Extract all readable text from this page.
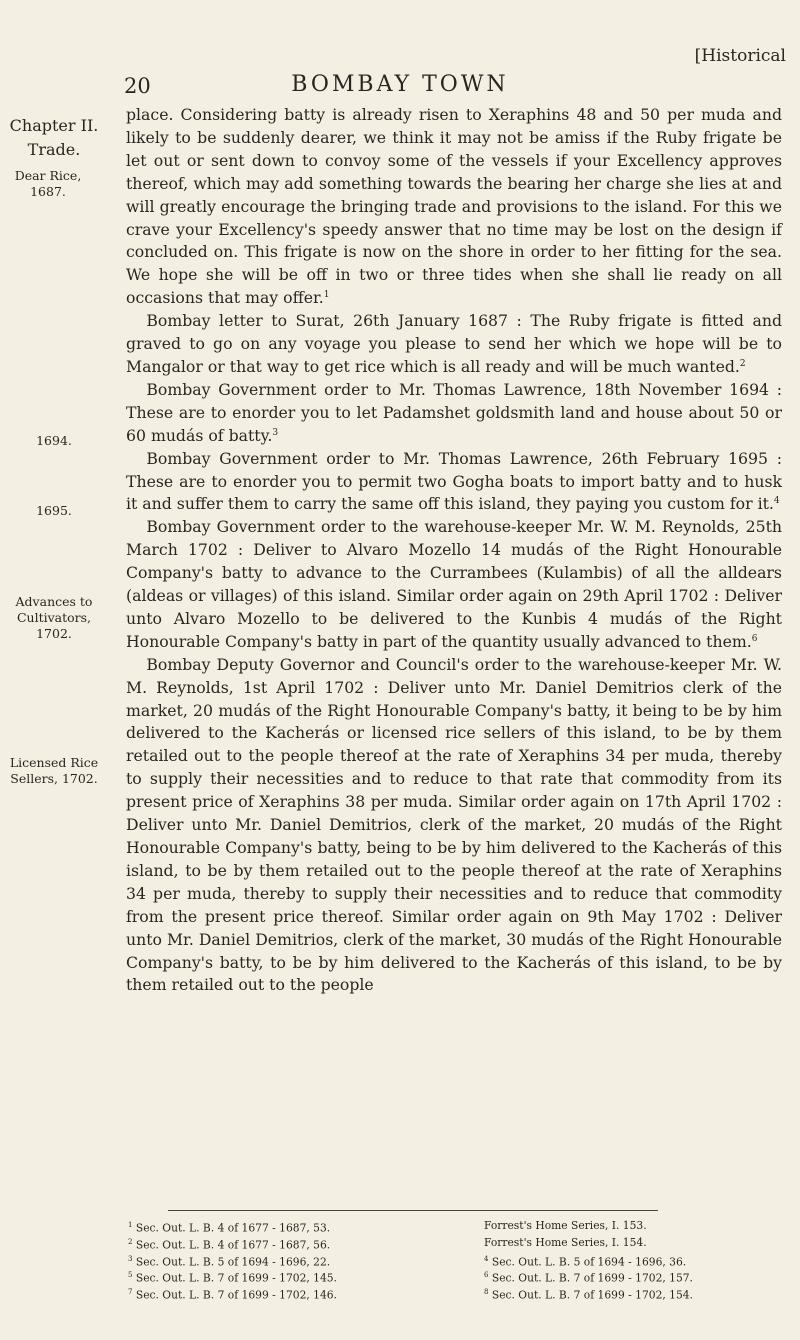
[Historical
20	BOMBAY TOWN
Chapter II.
Trade.
Dear Rice, 1687.
1694.
1695.
Advances to Cultivators, 1702.
Licensed Rice Sellers, 1702.

place. Considering batty is already risen to Xeraphins 48 and 50 per muda and likely to be suddenly dearer, we think it may not be amiss if the Ruby frigate be let out or sent down to convoy some of the vessels if your Excellency approves thereof, which may add something towards the bearing her charge she lies at and will greatly encourage the bringing trade and provisions to the island. For this we crave your Excellency's speedy answer that no time may be lost on the design if concluded on. This frigate is now on the shore in order to her fitting for the sea. We hope she will be off in two or three tides when she shall lie ready on all occasions that may offer.$^1$

Bombay letter to Surat, 26th January 1687 : The Ruby frigate is fitted and graved to go on any voyage you please to send her which we hope will be to Mangalor or that way to get rice which is all ready and will be much wanted.$^2$

Bombay Government order to Mr. Thomas Lawrence, 18th November 1694 : These are to enorder you to let Padamshet goldsmith land and house about 50 or 60 mudás of batty.$^3$

Bombay Government order to Mr. Thomas Lawrence, 26th February 1695 : These are to enorder you to permit two Gogha boats to import batty and to husk it and suffer them to carry the same off this island, they paying you custom for it.$^4$

Bombay Government order to the warehouse-keeper Mr. W. M. Reynolds, 25th March 1702 : Deliver to Alvaro Mozello 14 mudás of the Right Honourable Company's batty to advance to the Currambees (Kulambis) of all the alldears (aldeas or villages) of this island. Similar order again on 29th April 1702 : Deliver unto Alvaro Mozello to be delivered to the Kunbis 4 mudás of the Right Honourable Company's batty in part of the quantity usually advanced to them.$^6$

Bombay Deputy Governor and Council's order to the warehouse-keeper Mr. W. M. Reynolds, 1st April 1702 : Deliver unto Mr. Daniel Demitrios clerk of the market, 20 mudás of the Right Honourable Company's batty, it being to be by him delivered to the Kacherás or licensed rice sellers of this island, to be by them retailed out to the people thereof at the rate of Xeraphins 34 per muda, thereby to supply their necessities and to reduce to that rate that commodity from its present price of Xeraphins 38 per muda. Similar order again on 17th April 1702 : Deliver unto Mr. Daniel Demitrios, clerk of the market, 20 mudás of the Right Honourable Company's batty, being to be by him delivered to the Kacherás of this island, to be by them retailed out to the people thereof at the rate of Xeraphins 34 per muda, thereby to supply their necessities and to reduce that commodity from the present price thereof. Similar order again on 9th May 1702 : Deliver unto Mr. Daniel Demitrios, clerk of the market, 30 mudás of the Right Honourable Company's batty, to be by him delivered to the Kacherás of this island, to be by them retailed out to the people

$^1$ Sec. Out. L. B. 4 of 1677 - 1687, 53.	Forrest's Home Series, I. 153.
$^2$ Sec. Out. L. B. 4 of 1677 - 1687, 56.	Forrest's Home Series, I. 154.
$^3$ Sec. Out. L. B. 5 of 1694 - 1696, 22.	$^4$ Sec. Out. L. B. 5 of 1694 - 1696, 36.
$^5$ Sec. Out. L. B. 7 of 1699 - 1702, 145.	$^6$ Sec. Out. L. B. 7 of 1699 - 1702, 157.
$^7$ Sec. Out. L. B. 7 of 1699 - 1702, 146.	$^8$ Sec. Out. L. B. 7 of 1699 - 1702, 154.
